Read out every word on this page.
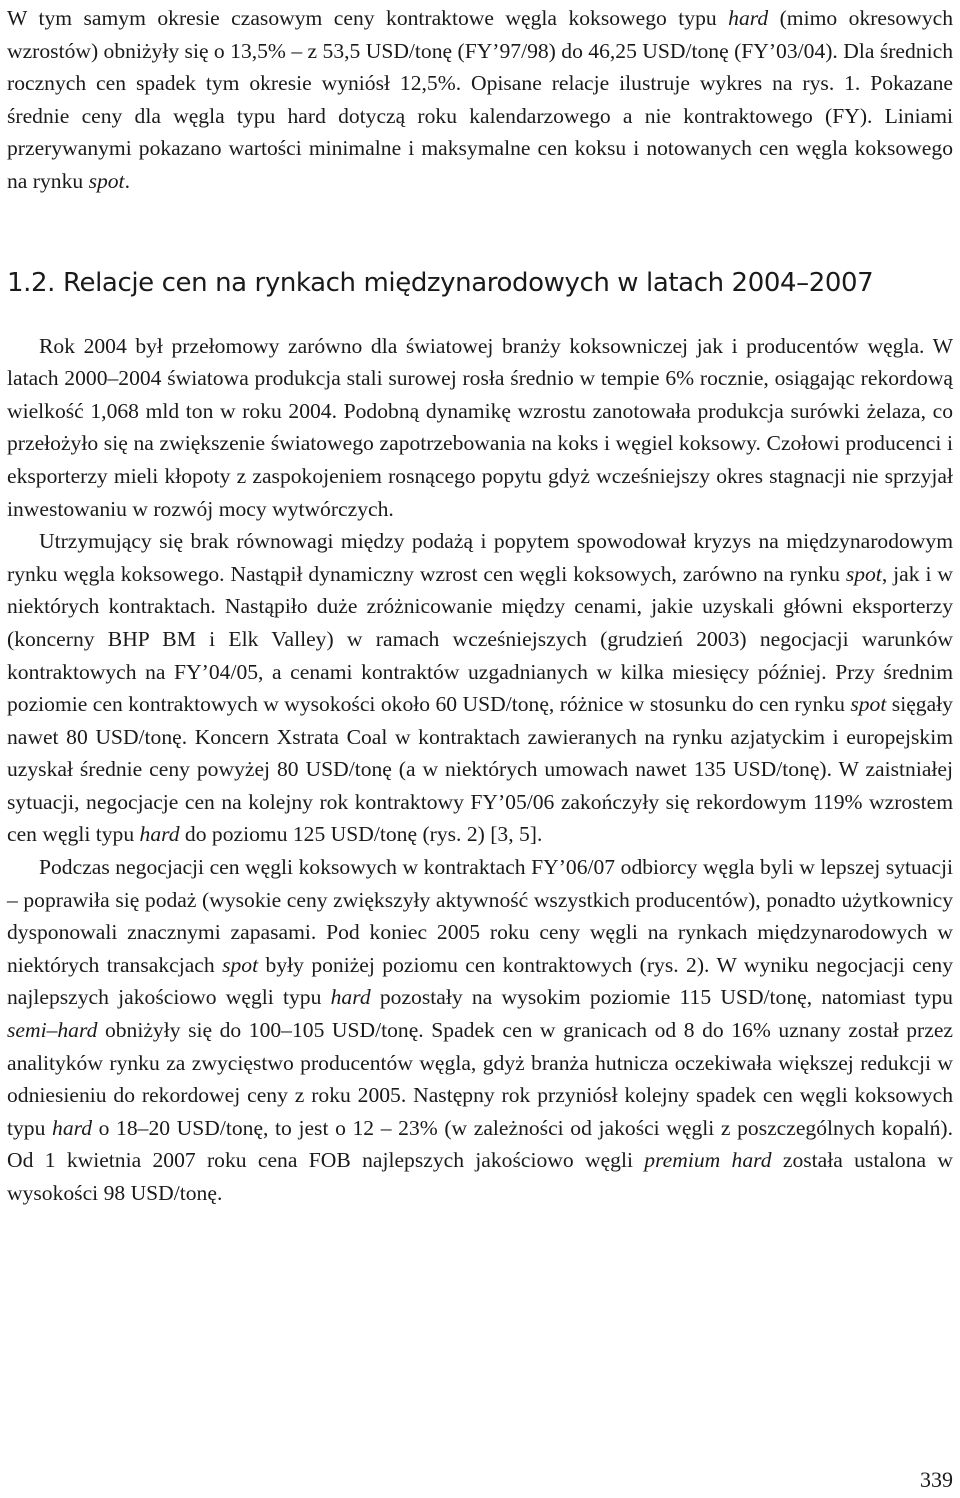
W tym samym okresie czasowym ceny kontraktowe węgla koksowego typu hard (mimo okresowych wzrostów) obniżyły się o 13,5% – z 53,5 USD/tonę (FY’97/98) do 46,25 USD/tonę (FY’03/04). Dla średnich rocznych cen spadek tym okresie wyniósł 12,5%. Opisane relacje ilustruje wykres na rys. 1. Pokazane średnie ceny dla węgla typu hard dotyczą roku kalendarzowego a nie kontraktowego (FY). Liniami przerywanymi pokazano wartości minimalne i maksymalne cen koksu i notowanych cen węgla koksowego na rynku spot.

1.2. Relacje cen na rynkach międzynarodowych w latach 2004–2007

Rok 2004 był przełomowy zarówno dla światowej branży koksowniczej jak i producentów węgla. W latach 2000–2004 światowa produkcja stali surowej rosła średnio w tempie 6% rocznie, osiągając rekordową wielkość 1,068 mld ton w roku 2004. Podobną dynamikę wzrostu zanotowała produkcja surówki żelaza, co przełożyło się na zwiększenie światowego zapotrzebowania na koks i węgiel koksowy. Czołowi producenci i eksporterzy mieli kłopoty z zaspokojeniem rosnącego popytu gdyż wcześniejszy okres stagnacji nie sprzyjał inwestowaniu w rozwój mocy wytwórczych.

Utrzymujący się brak równowagi między podażą i popytem spowodował kryzys na międzynarodowym rynku węgla koksowego. Nastąpił dynamiczny wzrost cen węgli koksowych, zarówno na rynku spot, jak i w niektórych kontraktach. Nastąpiło duże zróżnicowanie między cenami, jakie uzyskali główni eksporterzy (koncerny BHP BM i Elk Valley) w ramach wcześniejszych (grudzień 2003) negocjacji warunków kontraktowych na FY’04/05, a cenami kontraktów uzgadnianych w kilka miesięcy później. Przy średnim poziomie cen kontraktowych w wysokości około 60 USD/tonę, różnice w stosunku do cen rynku spot sięgały nawet 80 USD/tonę. Koncern Xstrata Coal w kontraktach zawieranych na rynku azjatyckim i europejskim uzyskał średnie ceny powyżej 80 USD/tonę (a w niektórych umowach nawet 135 USD/tonę). W zaistniałej sytuacji, negocjacje cen na kolejny rok kontraktowy FY’05/06 zakończyły się rekordowym 119% wzrostem cen węgli typu hard do poziomu 125 USD/tonę (rys. 2) [3, 5].

Podczas negocjacji cen węgli koksowych w kontraktach FY’06/07 odbiorcy węgla byli w lepszej sytuacji – poprawiła się podaż (wysokie ceny zwiększyły aktywność wszystkich producentów), ponadto użytkownicy dysponowali znacznymi zapasami. Pod koniec 2005 roku ceny węgli na rynkach międzynarodowych w niektórych transakcjach spot były poniżej poziomu cen kontraktowych (rys. 2). W wyniku negocjacji ceny najlepszych jakościowo węgli typu hard pozostały na wysokim poziomie 115 USD/tonę, natomiast typu semi–hard obniżyły się do 100–105 USD/tonę. Spadek cen w granicach od 8 do 16% uznany został przez analityków rynku za zwycięstwo producentów węgla, gdyż branża hutnicza oczekiwała większej redukcji w odniesieniu do rekordowej ceny z roku 2005. Następny rok przyniósł kolejny spadek cen węgli koksowych typu hard o 18–20 USD/tonę, to jest o 12 – 23% (w zależności od jakości węgli z poszczególnych kopalń). Od 1 kwietnia 2007 roku cena FOB najlepszych jakościowo węgli premium hard została ustalona w wysokości 98 USD/tonę.

339
